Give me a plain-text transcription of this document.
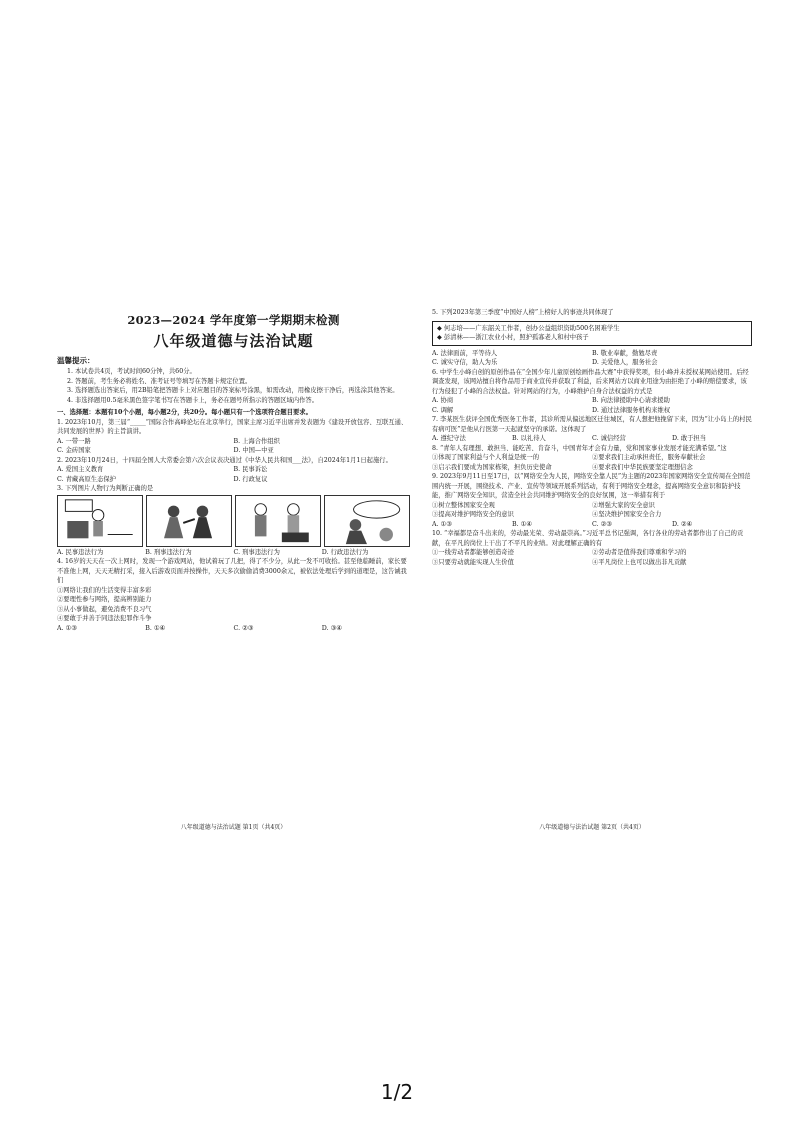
2023—2024 学年度第一学期期末检测
八年级道德与法治试题
温馨提示：

1. 本试卷共4页，考试时间60分钟，共60分。

2. 答题前，考生务必将姓名、准考证号等填写在答题卡规定位置。

3. 选择题选出答案后，用2B铅笔把答题卡上对应题目的答案标号涂黑，如需改动，用橡皮擦干净后，再选涂其他答案。

4. 非选择题用0.5毫米黑色签字笔书写在答题卡上，务必在题号所指示的答题区域内作答。

一、选择题：本题有10个小题，每小题2分，共20分。每小题只有一个选项符合题目要求。

1. 2023年10月，第三届“_____”国际合作高峰论坛在北京举行，国家主席习近平出席并发表题为《建设开放包容、互联互通、共同发展的世界》的主旨演讲。

A. 一带一路	B. 上海合作组织
C. 金砖国家	D. 中国—中亚

2. 2023年10月24日，十四届全国人大常委会第六次会议表决通过《中华人民共和国___法》，自2024年1月1日起施行。

A. 爱国主义教育	B. 民事诉讼
C. 青藏高原生态保护	D. 行政复议

3. 下列图片人物行为判断正确的是

A. 民事违法行为	B. 刑事违法行为	C. 刑事违法行为	D. 行政违法行为

4. 16岁的天天在一次上网时，发现一个游戏网站，他试着玩了几把，得了不少分，从此一发不可收拾。甚至他临睡前，家长要不准他上网，天天无精打采，接入后游戏页面并按操作，天天多次偷偷消费3000余元，被依法处理后学到的道理是，这告诫我们

①网络让我们的生活变得丰富多彩

②要理性参与网络，提高辨别能力

③从小事做起，避免消费不良习气

④要敢于并善于同违法犯罪作斗争

A. ①③	B. ①④	C. ②③	D. ③④
八年级道德与法治试题 第1页（共4页）

5. 下列2023年第三季度“中国好人榜”上榜好人的事迹共同体现了

◆ 何志培——广东韶关工作者，创办公益组织资助500名困难学生
◆ 彭清林——浙江农业小村，照护孤寡老人和村中孩子
A. 法律面前，平等待人	B. 敬业奉献，勤勉尽责
C. 诚实守信，助人为乐	D. 关爱他人，服务社会

6. 中学生小峰自创的原创作品在“全国少年儿童原创绘画作品大赛”中获得奖项，但小峰并未授权某网站使用。后经调查发现，该网站擅自将作品用于商业宣传并获取了利益，后来网站方以商业用途为由拒绝了小峰的赔偿要求，该行为侵犯了小峰的合法权益。针对网站的行为，小峰维护自身合法权益的方式是

A. 协商	B. 向法律援助中心请求援助
C. 调解	D. 通过法律服务机构来维权

7. 李某医生获评全国优秀医务工作者，其诊所需从偏远地区迁往城区，有人想把他挽留下来，因为“让小岛上的村民有病可医”是他从行医第一天起就坚守的承诺。这体现了

A. 遵纪守法	B. 以礼待人	C. 诚信经营	D. 敢于担当

8. “青年人有理想、敢担当、能吃苦、肯奋斗，中国青年才会有力量，党和国家事业发展才能充满希望。”这

①体现了国家利益与个人利益是统一的	②要求我们主动承担责任，服务奉献社会
③启示我们要成为国家栋梁，担负历史使命	④要求我们中华民族要坚定理想信念

9. 2023年9月11日至17日，以“网络安全为人民，网络安全靠人民”为主题的2023年国家网络安全宣传周在全国范围内统一开展，围绕技术、产业、宣传等领域开展系列活动，有利于网络安全理念，提高网络安全意识和防护技能，推广网络安全知识，营造全社会共同维护网络安全的良好氛围，这一举措有利于

①树立整体国家安全观	②增强大家的安全意识
③提高对维护网络安全的意识	④坚决维护国家安全合力
A. ①③	B. ①④	C. ②③	D. ②④

10. “幸福都是奋斗出来的，劳动最光荣、劳动最崇高。”习近平总书记强调，各行各业的劳动者都作出了自己的贡献，在平凡的岗位上干出了不平凡的业绩。对此理解正确的有

①一线劳动者都能够创造奇迹	②劳动者是值得我们尊重和学习的
③只要劳动就能实现人生价值	④平凡岗位上也可以做出非凡贡献
八年级道德与法治试题 第2页（共4页）
1/2
